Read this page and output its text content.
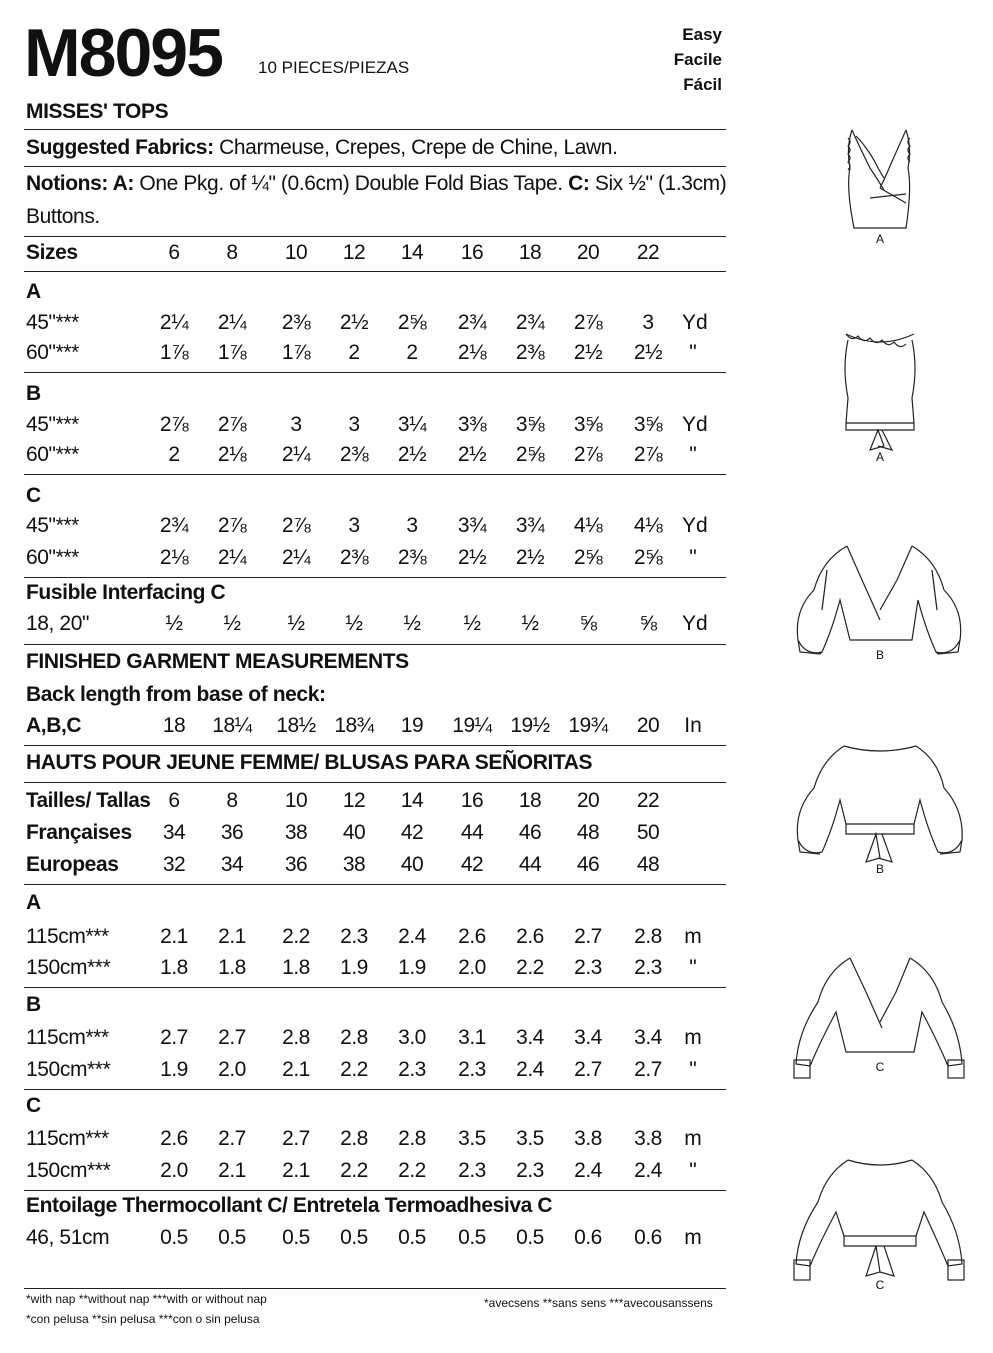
M8095 10 PIECES/PIEZAS
Easy
Facile
Fácil
MISSES' TOPS
Suggested Fabrics: Charmeuse, Crepes, Crepe de Chine, Lawn.
Notions: A: One Pkg. of ¼" (0.6cm) Double Fold Bias Tape. C: Six ½" (1.3cm)
Buttons.
Sizes	6	8	10	12	14	16	18	20	22
A
45"***	2¼	2¼	2⅜	2½	2⅝	2¾	2¾	2⅞	3	Yd
60"***	1⅞	1⅞	1⅞	2	2	2⅛	2⅜	2½	2½	"
B
45"***	2⅞	2⅞	3	3	3¼	3⅜	3⅝	3⅝	3⅝ Yd
60"***	2	2⅛	2¼	2⅜	2½	2½	2⅝	2⅞	2⅞	"
C
45"***	2¾	2⅞	2⅞	3	3	3¾	3¾	4⅛	4⅛ Yd
60"***	2⅛	2¼	2¼	2⅜	2⅜	2½	2½	2⅝	2⅝	"
Fusible Interfacing C
18, 20"	½	½	½	½	½	½	½	⅝	⅝	Yd
FINISHED GARMENT MEASUREMENTS
Back length from base of neck:
A,B,C	18	18¼ 18½ 18¾	19	19¼ 19½ 19¾	20	In
HAUTS POUR JEUNE FEMME/ BLUSAS PARA SEÑORITAS
Tailles/ Tallas 6	8	10	12	14	16	18	20	22
Françaises	34	36	38	40	42	44	46	48	50
Europeas	32	34	36	38	40	42	44	46	48
A
115cm***	2.1	2.1	2.2	2.3	2.4	2.6	2.6	2.7	2.8	m
150cm***	1.8	1.8	1.8	1.9	1.9	2.0	2.2	2.3	2.3	"
B
115cm***	2.7	2.7	2.8	2.8	3.0	3.1	3.4	3.4	3.4	m
150cm***	1.9	2.0	2.1	2.2	2.3	2.3	2.4	2.7	2.7	"
C
115cm***	2.6	2.7	2.7	2.8	2.8	3.5	3.5	3.8	3.8	m
150cm***	2.0	2.1	2.1	2.2	2.2	2.3	2.3	2.4	2.4	"
Entoilage Thermocollant C/ Entretela Termoadhesiva C
46, 51cm	0.5	0.5	0.5	0.5	0.5	0.5	0.5	0.6	0.6	m
*with nap **without nap ***with or without nap
*con pelusa **sin pelusa ***con o sin pelusa
*avecsens **sans sens ***avecousanssens
A
A
B
B
C
C
